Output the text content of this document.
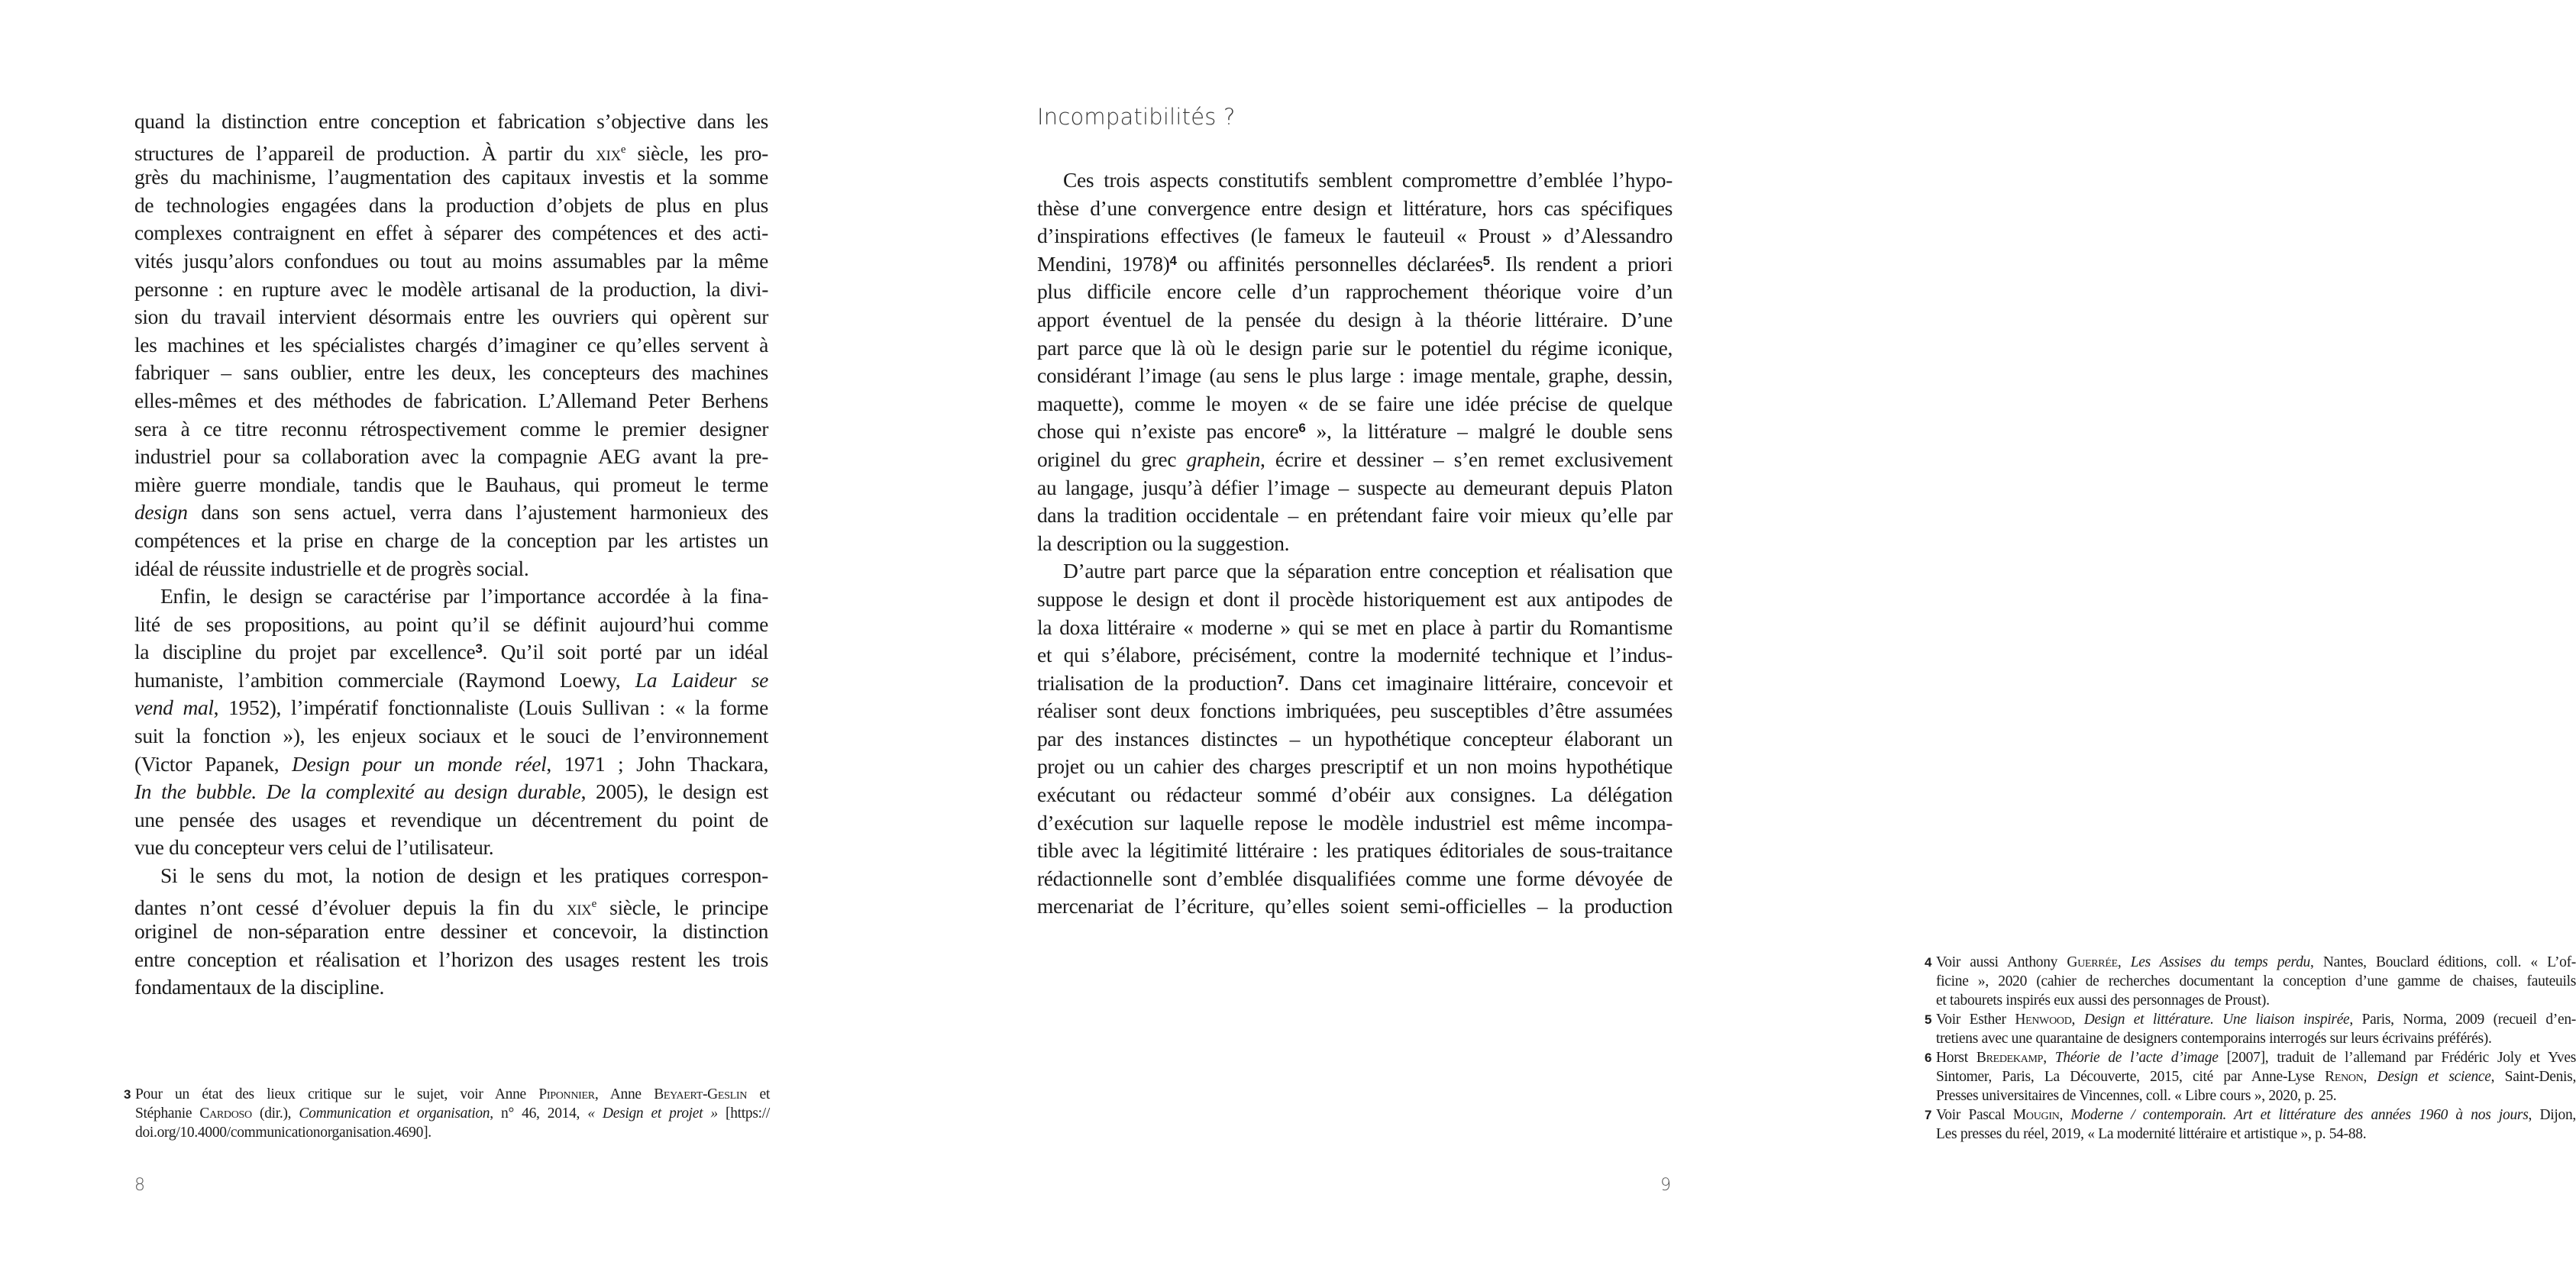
quand la distinction entre conception et fabrication s’objective dans les
structures de l’appareil de production. À partir du xix$^e$ siècle, les pro-
grès du machinisme, l’augmentation des capitaux investis et la somme
de technologies engagées dans la production d’objets de plus en plus
complexes contraignent en effet à séparer des compétences et des acti-
vités jusqu’alors confondues ou tout au moins assumables par la même
personne : en rupture avec le modèle artisanal de la production, la divi-
sion du travail intervient désormais entre les ouvriers qui opèrent sur
les machines et les spécialistes chargés d’imaginer ce qu’elles servent à
fabriquer – sans oublier, entre les deux, les concepteurs des machines
elles-mêmes et des méthodes de fabrication. L’Allemand Peter Berhens
sera à ce titre reconnu rétrospectivement comme le premier designer
industriel pour sa collaboration avec la compagnie AEG avant la pre-
mière guerre mondiale, tandis que le Bauhaus, qui promeut le terme
design dans son sens actuel, verra dans l’ajustement harmonieux des
compétences et la prise en charge de la conception par les artistes un
idéal de réussite industrielle et de progrès social.
Enfin, le design se caractérise par l’importance accordée à la fina-
lité de ses propositions, au point qu’il se définit aujourd’hui comme
la discipline du projet par excellence$^3$. Qu’il soit porté par un idéal
humaniste, l’ambition commerciale (Raymond Loewy, La Laideur se
vend mal, 1952), l’impératif fonctionnaliste (Louis Sullivan : « la forme
suit la fonction »), les enjeux sociaux et le souci de l’environnement
(Victor Papanek, Design pour un monde réel, 1971 ; John Thackara,
In the bubble. De la complexité au design durable, 2005), le design est
une pensée des usages et revendique un décentrement du point de
vue du concepteur vers celui de l’utilisateur.
Si le sens du mot, la notion de design et les pratiques correspon-
dantes n’ont cessé d’évoluer depuis la fin du xix$^e$ siècle, le principe
originel de non-séparation entre dessiner et concevoir, la distinction
entre conception et réalisation et l’horizon des usages restent les trois
fondamentaux de la discipline.
3 Pour un état des lieux critique sur le sujet, voir Anne Piponnier, Anne Beyaert-Geslin et
Stéphanie Cardoso (dir.), Communication et organisation, n° 46, 2014, « Design et projet » [https://
doi.org/10.4000/communicationorganisation.4690].
8
Incompatibilités ?
Ces trois aspects constitutifs semblent compromettre d’emblée l’hypo-
thèse d’une convergence entre design et littérature, hors cas spécifiques
d’inspirations effectives (le fameux le fauteuil « Proust » d’Alessandro
Mendini, 1978)$^4$ ou affinités personnelles déclarées$^5$. Ils rendent a priori
plus difficile encore celle d’un rapprochement théorique voire d’un
apport éventuel de la pensée du design à la théorie littéraire. D’une
part parce que là où le design parie sur le potentiel du régime iconique,
considérant l’image (au sens le plus large : image mentale, graphe, dessin,
maquette), comme le moyen « de se faire une idée précise de quelque
chose qui n’existe pas encore$^6$ », la littérature – malgré le double sens
originel du grec graphein, écrire et dessiner – s’en remet exclusivement
au langage, jusqu’à défier l’image – suspecte au demeurant depuis Platon
dans la tradition occidentale – en prétendant faire voir mieux qu’elle par
la description ou la suggestion.
D’autre part parce que la séparation entre conception et réalisation que
suppose le design et dont il procède historiquement est aux antipodes de
la doxa littéraire « moderne » qui se met en place à partir du Romantisme
et qui s’élabore, précisément, contre la modernité technique et l’indus-
trialisation de la production$^7$. Dans cet imaginaire littéraire, concevoir et
réaliser sont deux fonctions imbriquées, peu susceptibles d’être assumées
par des instances distinctes – un hypothétique concepteur élaborant un
projet ou un cahier des charges prescriptif et un non moins hypothétique
exécutant ou rédacteur sommé d’obéir aux consignes. La délégation
d’exécution sur laquelle repose le modèle industriel est même incompa-
tible avec la légitimité littéraire : les pratiques éditoriales de sous-traitance
rédactionnelle sont d’emblée disqualifiées comme une forme dévoyée de
mercenariat de l’écriture, qu’elles soient semi-officielles – la production
4 Voir aussi Anthony Guerrée, Les Assises du temps perdu, Nantes, Bouclard éditions, coll. « L’of-
ficine », 2020 (cahier de recherches documentant la conception d’une gamme de chaises, fauteuils
et tabourets inspirés eux aussi des personnages de Proust).
5 Voir Esther Henwood, Design et littérature. Une liaison inspirée, Paris, Norma, 2009 (recueil d’en-
tretiens avec une quarantaine de designers contemporains interrogés sur leurs écrivains préférés).
6 Horst Bredekamp, Théorie de l’acte d’image [2007], traduit de l’allemand par Frédéric Joly et Yves
Sintomer, Paris, La Découverte, 2015, cité par Anne-Lyse Renon, Design et science, Saint-Denis,
Presses universitaires de Vincennes, coll. « Libre cours », 2020, p. 25.
7 Voir Pascal Mougin, Moderne / contemporain. Art et littérature des années 1960 à nos jours, Dijon,
Les presses du réel, 2019, « La modernité littéraire et artistique », p. 54-88.
9
